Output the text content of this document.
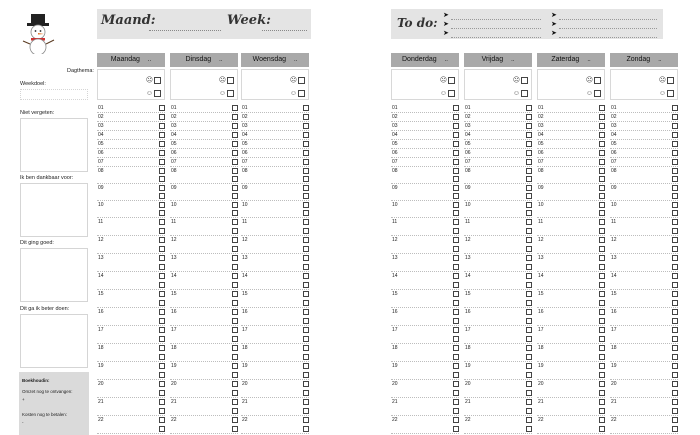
Maand:	Week:	To do:
➤
➤
➤
➤
➤
➤
Dagthema:
Weekdoel:
Niet vergeten:
Ik ben dankbaar voor:
Dit ging goed:
Dit ga ik beter doen:
Boekhoudin:
Omzet nog te ontvangen:
+
Kosten nog te betalen:
-
Maandag ..
☹
☺
01
02
03
04
05
06
07
08
09
10
11
12
13
14
15
16
17
18
19
20
21
22
Dinsdag ..
☹
☺
01
02
03
04
05
06
07
08
09
10
11
12
13
14
15
16
17
18
19
20
21
22
Woensdag ..
☹
☺
01
02
03
04
05
06
07
08
09
10
11
12
13
14
15
16
17
18
19
20
21
22
Donderdag ..
☹
☺
01
02
03
04
05
06
07
08
09
10
11
12
13
14
15
16
17
18
19
20
21
22
Vrijdag ..
☹
☺
01
02
03
04
05
06
07
08
09
10
11
12
13
14
15
16
17
18
19
20
21
22
Zaterdag ..
☹
☺
01
02
03
04
05
06
07
08
09
10
11
12
13
14
15
16
17
18
19
20
21
22
Zondag ..
☹
☺
01
02
03
04
05
06
07
08
09
10
11
12
13
14
15
16
17
18
19
20
21
22
